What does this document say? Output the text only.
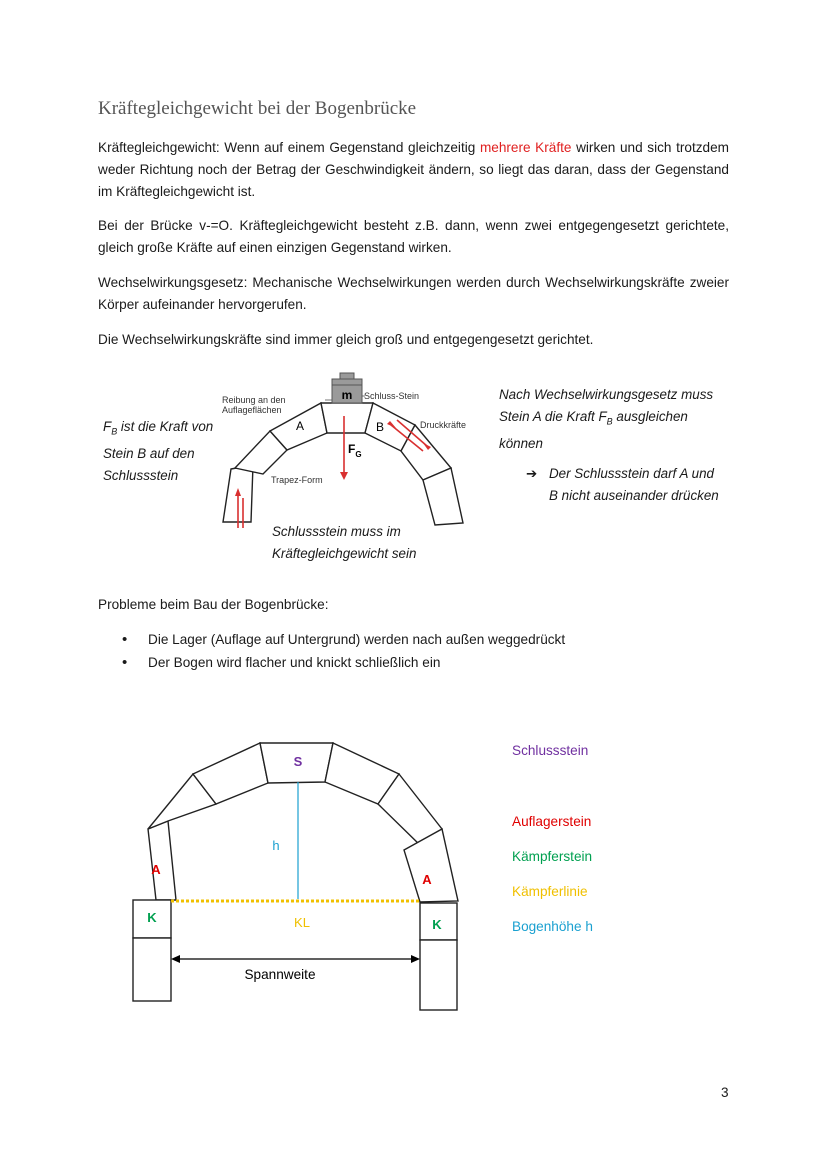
Kräftegleichgewicht bei der Bogenbrücke

Kräftegleichgewicht: Wenn auf einem Gegenstand gleichzeitig mehrere Kräfte wirken und sich trotzdem weder Richtung noch der Betrag der Geschwindigkeit ändern, so liegt das daran, dass der Gegenstand im Kräftegleichgewicht ist.

Bei der Brücke v-=O. Kräftegleichgewicht besteht z.B. dann, wenn zwei entgegengesetzt gerichtete, gleich große Kräfte auf einen einzigen Gegenstand wirken.

Wechselwirkungsgesetz: Mechanische Wechselwirkungen werden durch Wechselwirkungskräfte zweier Körper aufeinander hervorgerufen.

Die Wechselwirkungskräfte sind immer gleich groß und entgegengesetzt gerichtet.

$F_B$ ist die Kraft von
Stein B auf den
Schlussstein
m
Reibung an den
Auflageflächen
Schluss-Stein
A	B	Druckkräfte
$F_G$
Trapez-Form
Schlussstein muss im
Kräftegleichgewicht sein
Nach Wechselwirkungsgesetz muss
Stein A die Kraft $F_B$ ausgleichen
können
➔ Der Schlussstein darf A und
B nicht auseinander drücken

Probleme beim Bau der Bogenbrücke:

• Die Lager (Auflage auf Untergrund) werden nach außen weggedrückt
• Der Bogen wird flacher und knickt schließlich ein
S
h
A
A
K	K
KL
Spannweite
Schlussstein
Auflagerstein
Kämpferstein
Kämpferlinie
Bogenhöhe h
3
